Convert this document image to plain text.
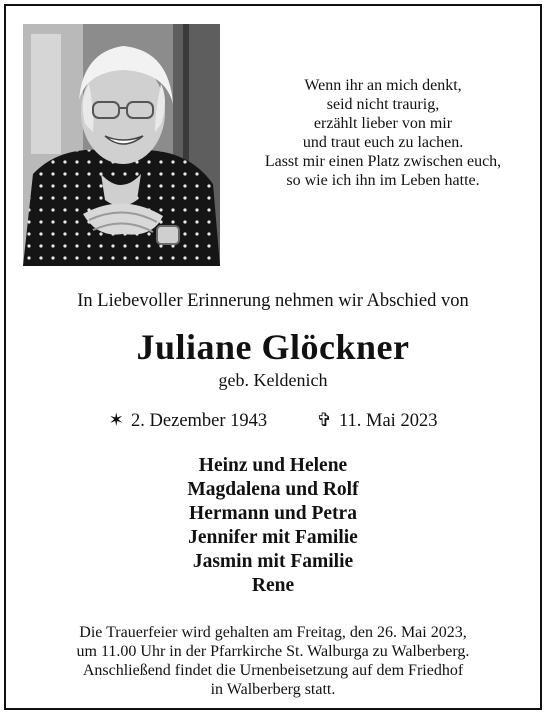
Wenn ihr an mich denkt,
seid nicht traurig,
erzählt lieber von mir
und traut euch zu lachen.
Lasst mir einen Platz zwischen euch,
so wie ich ihn im Leben hatte.
In Liebevoller Erinnerung nehmen wir Abschied von
Juliane Glöckner
geb. Keldenich
✶ 2. Dezember 1943	✞ 11. Mai 2023
Heinz und Helene
Magdalena und Rolf
Hermann und Petra
Jennifer mit Familie
Jasmin mit Familie
Rene
Die Trauerfeier wird gehalten am Freitag, den 26. Mai 2023,
um 11.00 Uhr in der Pfarrkirche St. Walburga zu Walberberg.
Anschließend findet die Urnenbeisetzung auf dem Friedhof
in Walberberg statt.
